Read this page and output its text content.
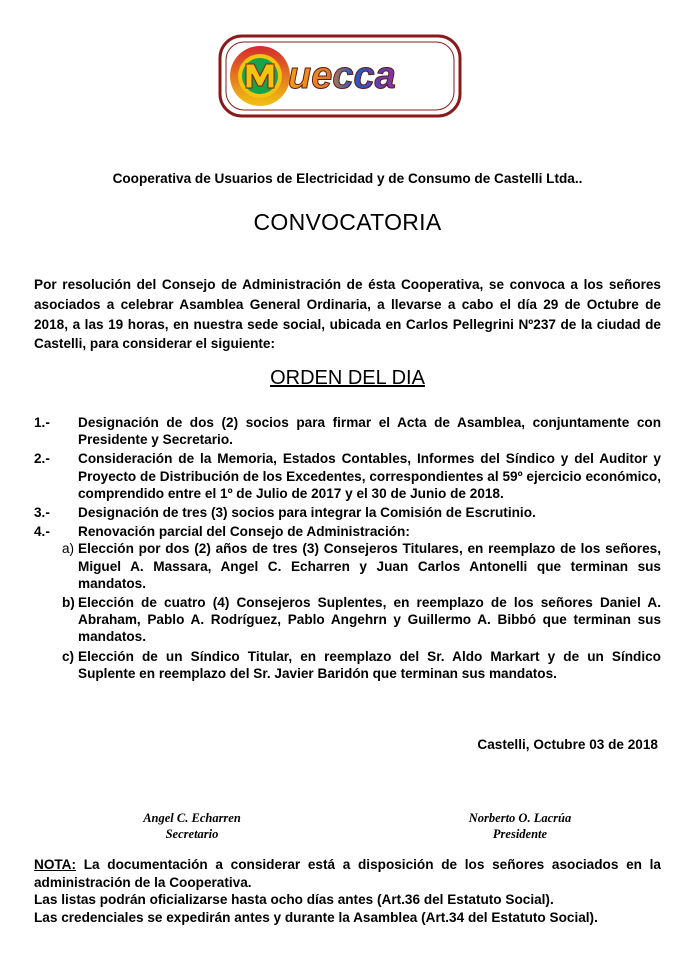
uecca
Cooperativa de Usuarios de Electricidad y de Consumo de Castelli Ltda..
CONVOCATORIA
Por resolución del Consejo de Administración de ésta Cooperativa, se convoca a los señores asociados a celebrar Asamblea General Ordinaria, a llevarse a cabo el día 29 de Octubre de 2018, a las 19 horas, en nuestra sede social, ubicada en Carlos Pellegrini Nº237 de la ciudad de Castelli, para considerar el siguiente:
ORDEN DEL DIA
1.- Designación de dos (2) socios para firmar el Acta de Asamblea, conjuntamente con Presidente y Secretario.
2.- Consideración de la Memoria, Estados Contables, Informes del Síndico y del Auditor y Proyecto de Distribución de los Excedentes, correspondientes al 59º ejercicio económico, comprendido entre el 1º de Julio de 2017 y el 30 de Junio de 2018.
3.- Designación de tres (3) socios para integrar la Comisión de Escrutinio.
4.- Renovación parcial del Consejo de Administración:
a) Elección por dos (2) años de tres (3) Consejeros Titulares, en reemplazo de los señores, Miguel A. Massara, Angel C. Echarren y Juan Carlos Antonelli que terminan sus mandatos.
b) Elección de cuatro (4) Consejeros Suplentes, en reemplazo de los señores Daniel A. Abraham, Pablo A. Rodríguez, Pablo Angehrn y Guillermo A. Bibbó que terminan sus mandatos.
c) Elección de un Síndico Titular, en reemplazo del Sr. Aldo Markart y de un Síndico Suplente en reemplazo del Sr. Javier Baridón que terminan sus mandatos.
Castelli, Octubre 03 de 2018
Angel C. Echarren
Secretario
Norberto O. Lacrúa
Presidente
NOTA: La documentación a considerar está a disposición de los señores asociados en la administración de la Cooperativa.
Las listas podrán oficializarse hasta ocho días antes (Art.36 del Estatuto Social).
Las credenciales se expedirán antes y durante la Asamblea (Art.34 del Estatuto Social).
